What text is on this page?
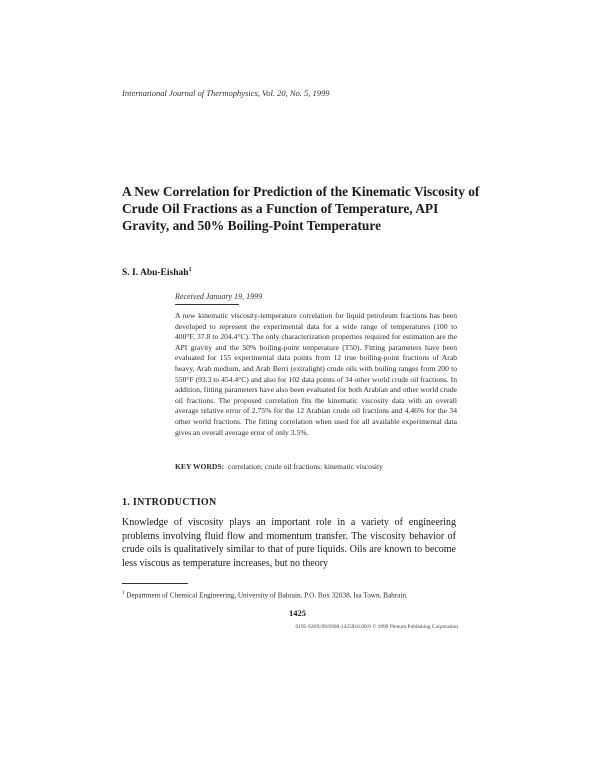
International Journal of Thermophysics, Vol. 20, No. 5, 1999
A New Correlation for Prediction of the Kinematic Viscosity of Crude Oil Fractions as a Function of Temperature, API Gravity, and 50% Boiling-Point Temperature
S. I. Abu-Eishah$^1$
Received January 19, 1999
A new kinematic viscosity-temperature correlation for liquid petroleum fractions has been developed to represent the experimental data for a wide range of temperatures (100 to 400°F, 37.8 to 204.4°C). The only characterization properties required for estimation are the API gravity and the 50% boiling-point temperature (T50). Fitting parameters have been evaluated for 155 experimental data points from 12 true boiling-point fractions of Arab heavy, Arab medium, and Arab Berri (extralight) crude oils with boiling ranges from 200 to 550°F (93.3 to 454.4°C) and also for 102 data points of 34 other world crude oil fractions. In addition, fitting parameters have also been evaluated for both Arabian and other world crude oil fractions. The proposed correlation fits the kinematic viscosity data with an overall average relative error of 2.75% for the 12 Arabian crude oil fractions and 4.46% for the 34 other world fractions. The fitting correlation when used for all available experimental data gives an overall average error of only 3.5%.
KEY WORDS: correlation; crude oil fractions; kinematic viscosity
1. INTRODUCTION
Knowledge of viscosity plays an important role in a variety of engineering problems involving fluid flow and momentum transfer. The viscosity behavior of crude oils is qualitatively similar to that of pure liquids. Oils are known to become less viscous as temperature increases, but no theory
$^1$ Department of Chemical Engineering, University of Bahrain, P.O. Box 32038, Isa Town, Bahrain.
1425
0195-928X/99/0900-1425$16.00/0 © 1999 Plenum Publishing Corporation
